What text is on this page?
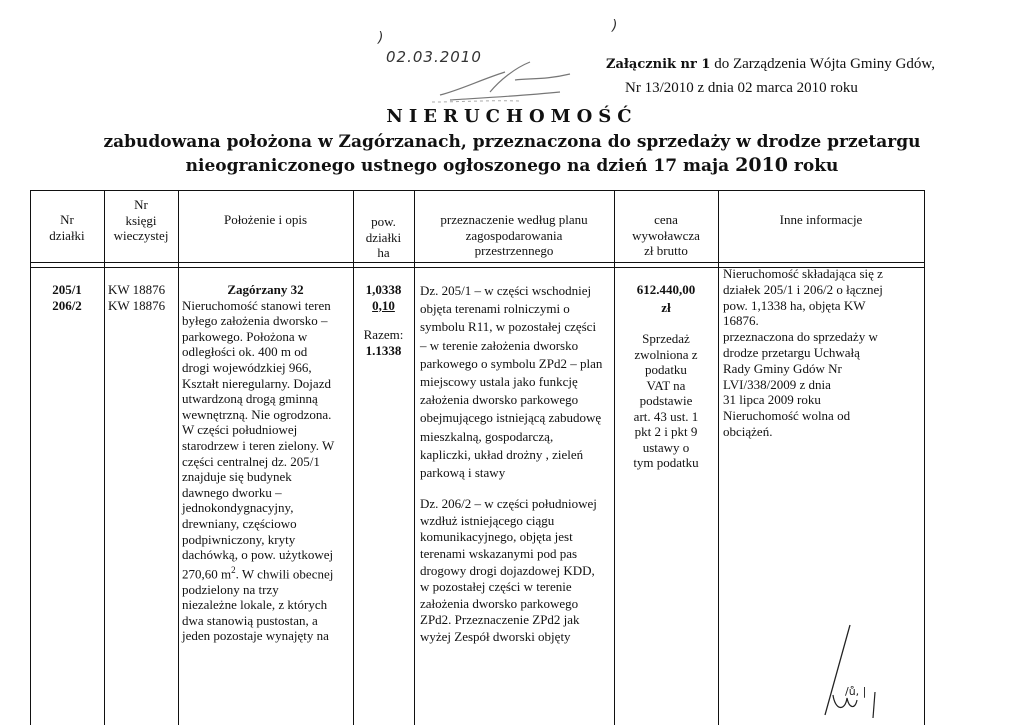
)
)
02.03.2010	Załącznik nr 1 do Zarządzenia Wójta Gminy Gdów,
Nr 13/2010 z dnia 02 marca 2010 roku
NIERUCHOMOŚĆ
zabudowana położona w Zagórzanach, przeznaczona do sprzedaży w drodze przetargu
nieograniczonego ustnego ogłoszonego na dzień 17 maja 2010 roku
Nr
działki
Nr
księgi
wieczystej
Położenie i opis	pow.
działki
ha
przeznaczenie według planu
zagospodarowania
przestrzennego
cena
wywoławcza
zł brutto
Inne informacje
205/1
206/2
KW 18876
KW 18876
Zagórzany 32
Nieruchomość stanowi teren
byłego założenia dworsko –
parkowego. Położona w
odległości ok. 400 m od
drogi wojewódzkiej 966,
Kształt nieregularny. Dojazd
utwardzoną drogą gminną
wewnętrzną. Nie ogrodzona.
W części południowej
starodrzew i teren zielony. W
części centralnej dz. 205/1
znajduje się budynek
dawnego dworku –
jednokondygnacyjny,
drewniany, częściowo
podpiwniczony, kryty
dachówką, o pow. użytkowej
270,60 $m^2$. W chwili obecnej
podzielony na trzy
niezależne lokale, z których
dwa stanowią pustostan, a
jeden pozostaje wynajęty na
1,0338
0,10
Razem:
1.1338
Dz. 205/1 – w części wschodniej
objęta terenami rolniczymi o
symbolu R11, w pozostałej części
– w terenie założenia dworsko
parkowego o symbolu ZPd2 – plan
miejscowy ustala jako funkcję
założenia dworsko parkowego
obejmującego istniejącą zabudowę
mieszkalną, gospodarczą,
kapliczki, układ drożny , zieleń
parkową i stawy
Dz. 206/2 – w części południowej
wzdłuż istniejącego ciągu
komunikacyjnego, objęta jest
terenami wskazanymi pod pas
drogowy drogi dojazdowej KDD,
w pozostałej części w terenie
założenia dworsko parkowego
ZPd2. Przeznaczenie ZPd2 jak
wyżej Zespół dworski objęty
612.440,00
zł
Sprzedaż
zwolniona z
podatku
VAT na
podstawie
art. 43 ust. 1
pkt 2 i pkt 9
ustawy o
tym podatku
Nieruchomość składająca się z
działek 205/1 i 206/2 o łącznej
pow. 1,1338 ha, objęta KW
16876.
przeznaczona do sprzedaży w
drodze przetargu Uchwałą
Rady Gminy Gdów Nr
LVI/338/2009 z dnia
31 lipca 2009 roku
Nieruchomość wolna od
obciążeń.
/ů, |
